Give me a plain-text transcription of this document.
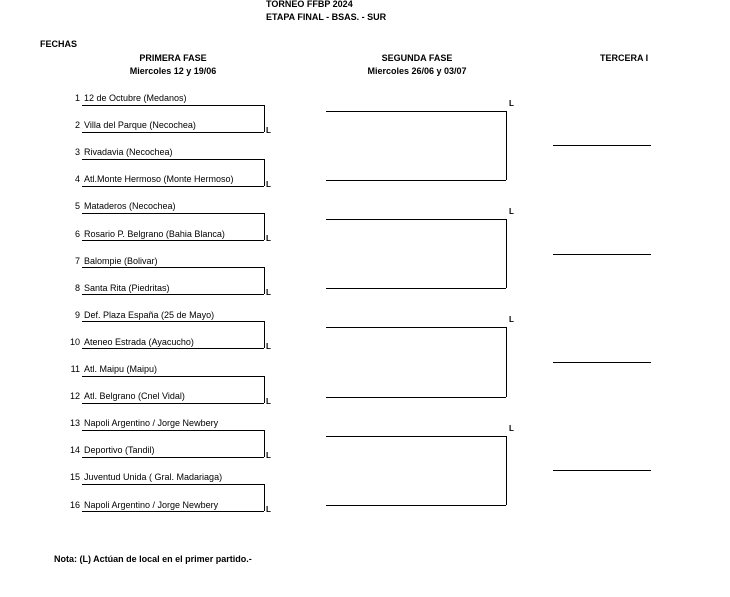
TORNEO FFBP 2024
ETAPA FINAL - BSAS. - SUR
FECHAS
PRIMERA FASE
Miercoles 12 y 19/06
SEGUNDA FASE
Miercoles 26/06 y 03/07
TERCERA I
1 12 de Octubre (Medanos)
2 Villa del Parque (Necochea)
3 Rivadavia (Necochea)
4 Atl.Monte Hermoso (Monte Hermoso)
5 Mataderos (Necochea)
6 Rosario P. Belgrano (Bahia Blanca)
7 Balompie (Bolivar)
8 Santa Rita (Piedritas)
9 Def. Plaza España (25 de Mayo)
10 Ateneo Estrada (Ayacucho)
11 Atl. Maipu (Maipu)
12 Atl. Belgrano (Cnel Vidal)
13 Napoli Argentino / Jorge Newbery
14 Deportivo (Tandil)
15 Juventud Unida ( Gral. Madariaga)
16 Napoli Argentino / Jorge Newbery
L
L
L
L
L
L
L
L
L
L
L
L
Nota: (L) Actúan de local en el primer partido.-
